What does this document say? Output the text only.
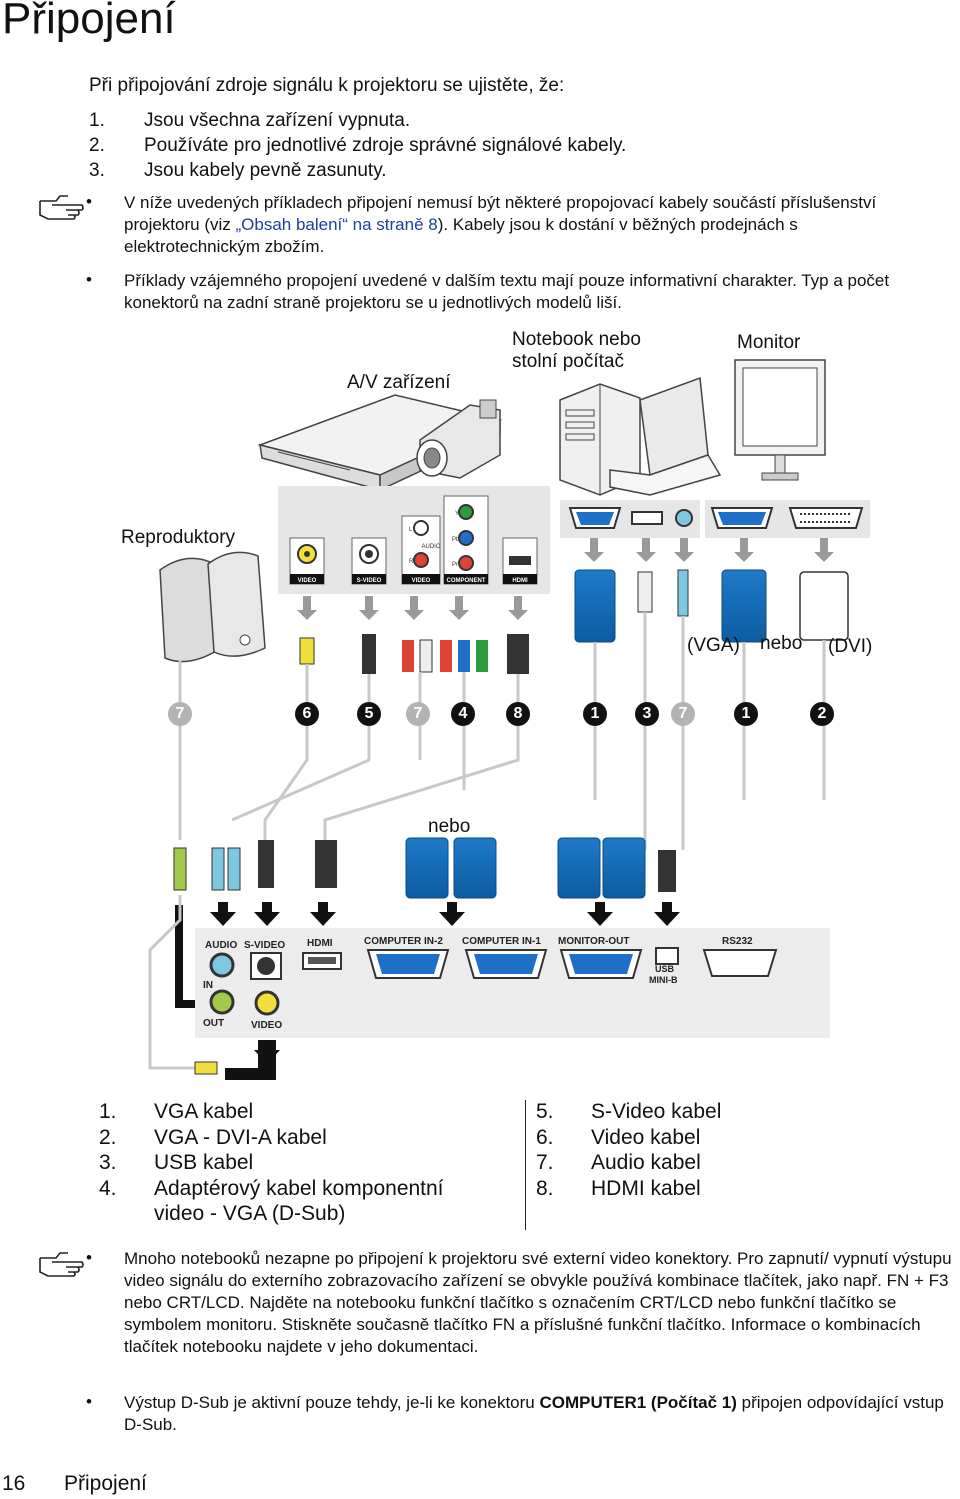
Připojení
Při připojování zdroje signálu k projektoru se ujistěte, že:
1. Jsou všechna zařízení vypnuta.
2. Používáte pro jednotlivé zdroje správné signálové kabely.
3. Jsou kabely pevně zasunuty.
• V níže uvedených příkladech připojení nemusí být některé propojovací kabely součástí příslušenství projektoru (viz „Obsah balení“ na straně 8). Kabely jsou k dostání v běžných prodejnách s elektrotechnickým zbožím.
• Příklady vzájemného propojení uvedené v dalším textu mají pouze informativní charakter. Typ a počet konektorů na zadní straně projektoru se u jednotlivých modelů liší.
VIDEO	S-VIDEO	VIDEO	COMPONENT	HDMI
AUDIO
Y
Pb
Pr
L
R
AUDIO S-VIDEO HDMI	COMPUTER IN-2 COMPUTER IN-1 MONITOR-OUT
USB
MINI-B
RS232
IN
OUT	VIDEO
A/V zařízení
Notebook nebo
stolní počítač
Monitor
Reproduktory
(VGA) nebo (DVI)
nebo
7	6	5	7	4	8	1	3	7	1	2
1. VGA kabel
2. VGA - DVI-A kabel
3. USB kabel
4. Adaptérový kabel komponentní
video - VGA (D-Sub)
5. S-Video kabel
6. Video kabel
7. Audio kabel
8. HDMI kabel
• Mnoho notebooků nezapne po připojení k projektoru své externí video konektory. Pro zapnutí/ vypnutí výstupu video signálu do externího zobrazovacího zařízení se obvykle používá kombinace tlačítek, jako např. FN + F3 nebo CRT/LCD. Najděte na notebooku funkční tlačítko s označením CRT/LCD nebo funkční tlačítko se symbolem monitoru. Stiskněte současně tlačítko FN a příslušné funkční tlačítko. Informace o kombinacích tlačítek notebooku najdete v jeho dokumentaci.
• Výstup D-Sub je aktivní pouze tehdy, je-li ke konektoru COMPUTER1 (Počítač 1) připojen odpovídající vstup D-Sub.
16 Připojení
